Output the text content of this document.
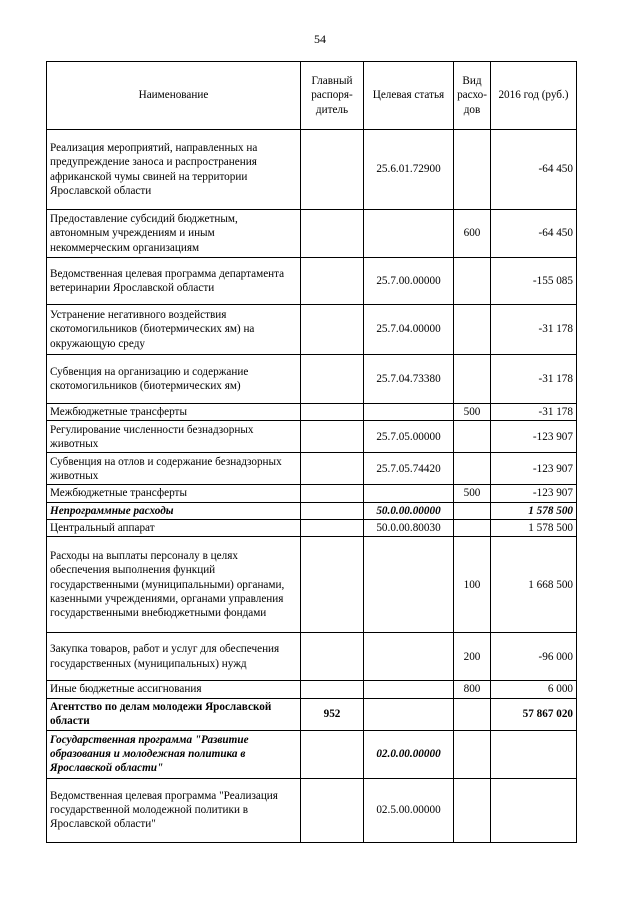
54
Наименование	Главный распоря-дитель	Целевая статья	Вид расхо-дов	2016 год (руб.)
Реализация мероприятий, направленных на предупреждение заноса и распространения африканской чумы свиней на территории Ярославской области		25.6.01.72900		-64 450
Предоставление субсидий бюджетным, автономным учреждениям и иным некоммерческим организациям			600	-64 450
Ведомственная целевая программа департамента ветеринарии Ярославской области		25.7.00.00000		-155 085
Устранение негативного воздействия скотомогильников (биотермических ям) на окружающую среду		25.7.04.00000		-31 178
Субвенция на организацию и содержание скотомогильников (биотермических ям)		25.7.04.73380		-31 178
Межбюджетные трансферты			500	-31 178
Регулирование численности безнадзорных животных		25.7.05.00000		-123 907
Субвенция на отлов и содержание безнадзорных животных		25.7.05.74420		-123 907
Межбюджетные трансферты			500	-123 907
Непрограммные расходы		50.0.00.00000		1 578 500
Центральный аппарат		50.0.00.80030		1 578 500
Расходы на выплаты персоналу в целях обеспечения выполнения функций государственными (муниципальными) органами, казенными учреждениями, органами управления государственными внебюджетными фондами			100	1 668 500
Закупка товаров, работ и услуг для обеспечения государственных (муниципальных) нужд			200	-96 000
Иные бюджетные ассигнования			800	6 000
Агентство по делам молодежи Ярославской области	952			57 867 020
Государственная программа "Развитие образования и молодежная политика в Ярославской области"		02.0.00.00000		
Ведомственная целевая программа "Реализация государственной молодежной политики в Ярославской области"		02.5.00.00000		
